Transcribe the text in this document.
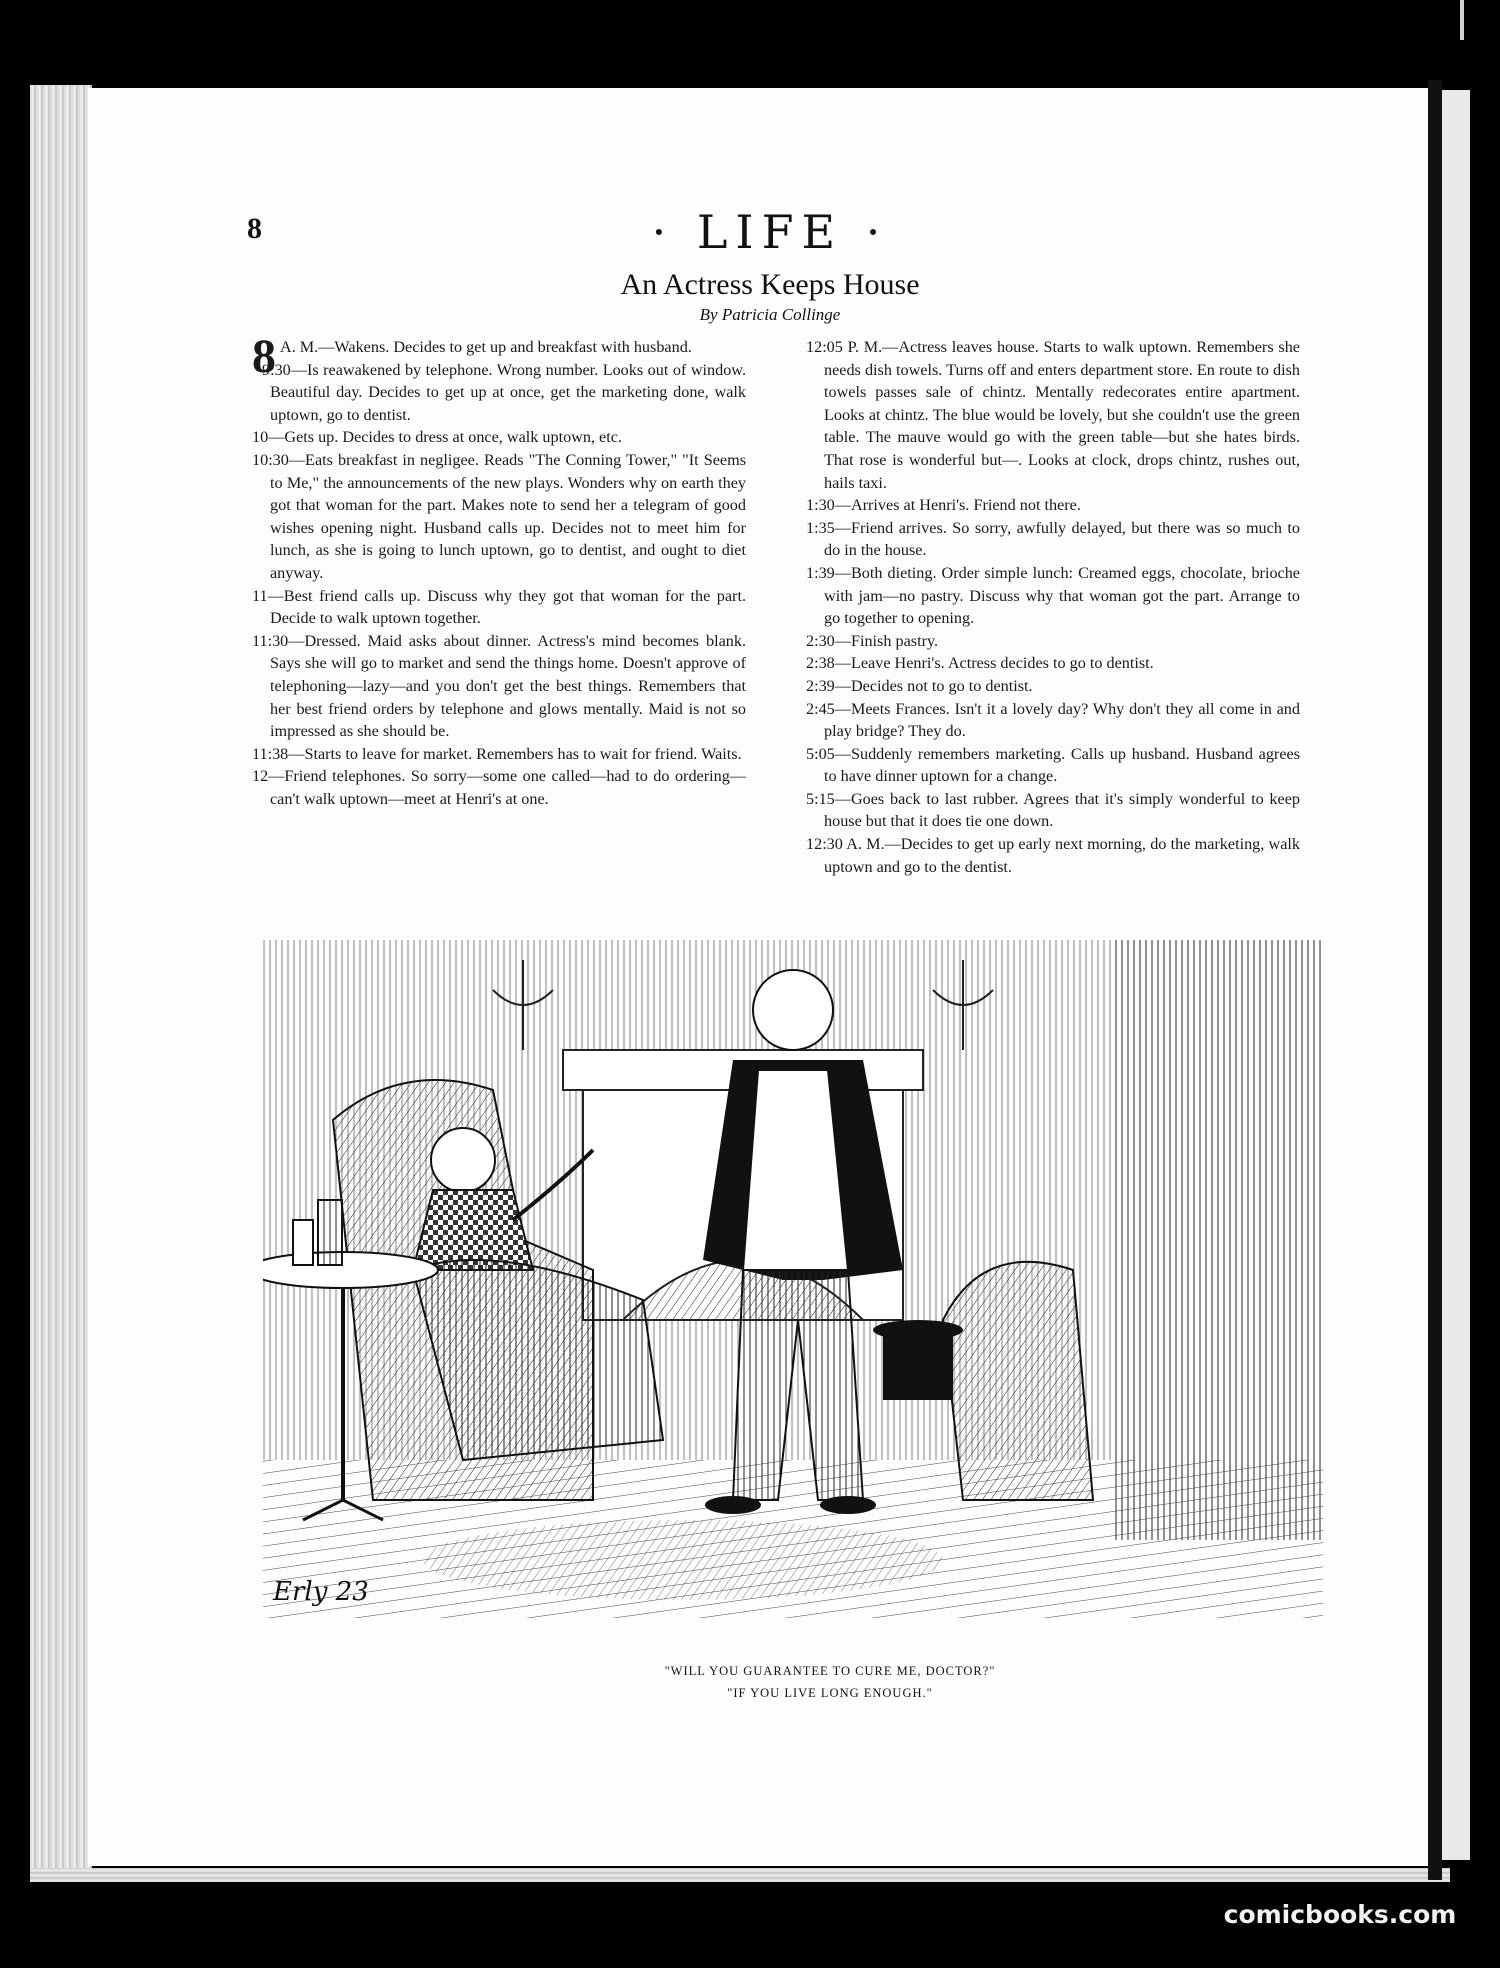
8	· LIFE ·
An Actress Keeps House
By Patricia Collinge

8 A. M.—Wakens. Decides to get up and breakfast with husband.

9:30—Is reawakened by telephone. Wrong number. Looks out of window. Beautiful day. Decides to get up at once, get the marketing done, walk uptown, go to dentist.

10—Gets up. Decides to dress at once, walk uptown, etc.

10:30—Eats breakfast in negligee. Reads "The Conning Tower," "It Seems to Me," the announcements of the new plays. Wonders why on earth they got that woman for the part. Makes note to send her a telegram of good wishes opening night. Husband calls up. Decides not to meet him for lunch, as she is going to lunch uptown, go to dentist, and ought to diet anyway.

11—Best friend calls up. Discuss why they got that woman for the part. Decide to walk uptown together.

11:30—Dressed. Maid asks about dinner. Actress's mind becomes blank. Says she will go to market and send the things home. Doesn't approve of telephoning—lazy—and you don't get the best things. Remembers that her best friend orders by telephone and glows mentally. Maid is not so impressed as she should be.

11:38—Starts to leave for market. Remembers has to wait for friend. Waits.

12—Friend telephones. So sorry—some one called—had to do ordering—can't walk uptown—meet at Henri's at one.

12:05 P. M.—Actress leaves house. Starts to walk uptown. Remembers she needs dish towels. Turns off and enters department store. En route to dish towels passes sale of chintz. Mentally redecorates entire apartment. Looks at chintz. The blue would be lovely, but she couldn't use the green table. The mauve would go with the green table—but she hates birds. That rose is wonderful but—. Looks at clock, drops chintz, rushes out, hails taxi.

1:30—Arrives at Henri's. Friend not there.

1:35—Friend arrives. So sorry, awfully delayed, but there was so much to do in the house.

1:39—Both dieting. Order simple lunch: Creamed eggs, chocolate, brioche with jam—no pastry. Discuss why that woman got the part. Arrange to go together to opening.

2:30—Finish pastry.

2:38—Leave Henri's. Actress decides to go to dentist.

2:39—Decides not to go to dentist.

2:45—Meets Frances. Isn't it a lovely day? Why don't they all come in and play bridge? They do.

5:05—Suddenly remembers marketing. Calls up husband. Husband agrees to have dinner uptown for a change.

5:15—Goes back to last rubber. Agrees that it's simply wonderful to keep house but that it does tie one down.

12:30 A. M.—Decides to get up early next morning, do the marketing, walk uptown and go to the dentist.

Erly 23
"WILL YOU GUARANTEE TO CURE ME, DOCTOR?"
"IF YOU LIVE LONG ENOUGH."
comicbooks.com
